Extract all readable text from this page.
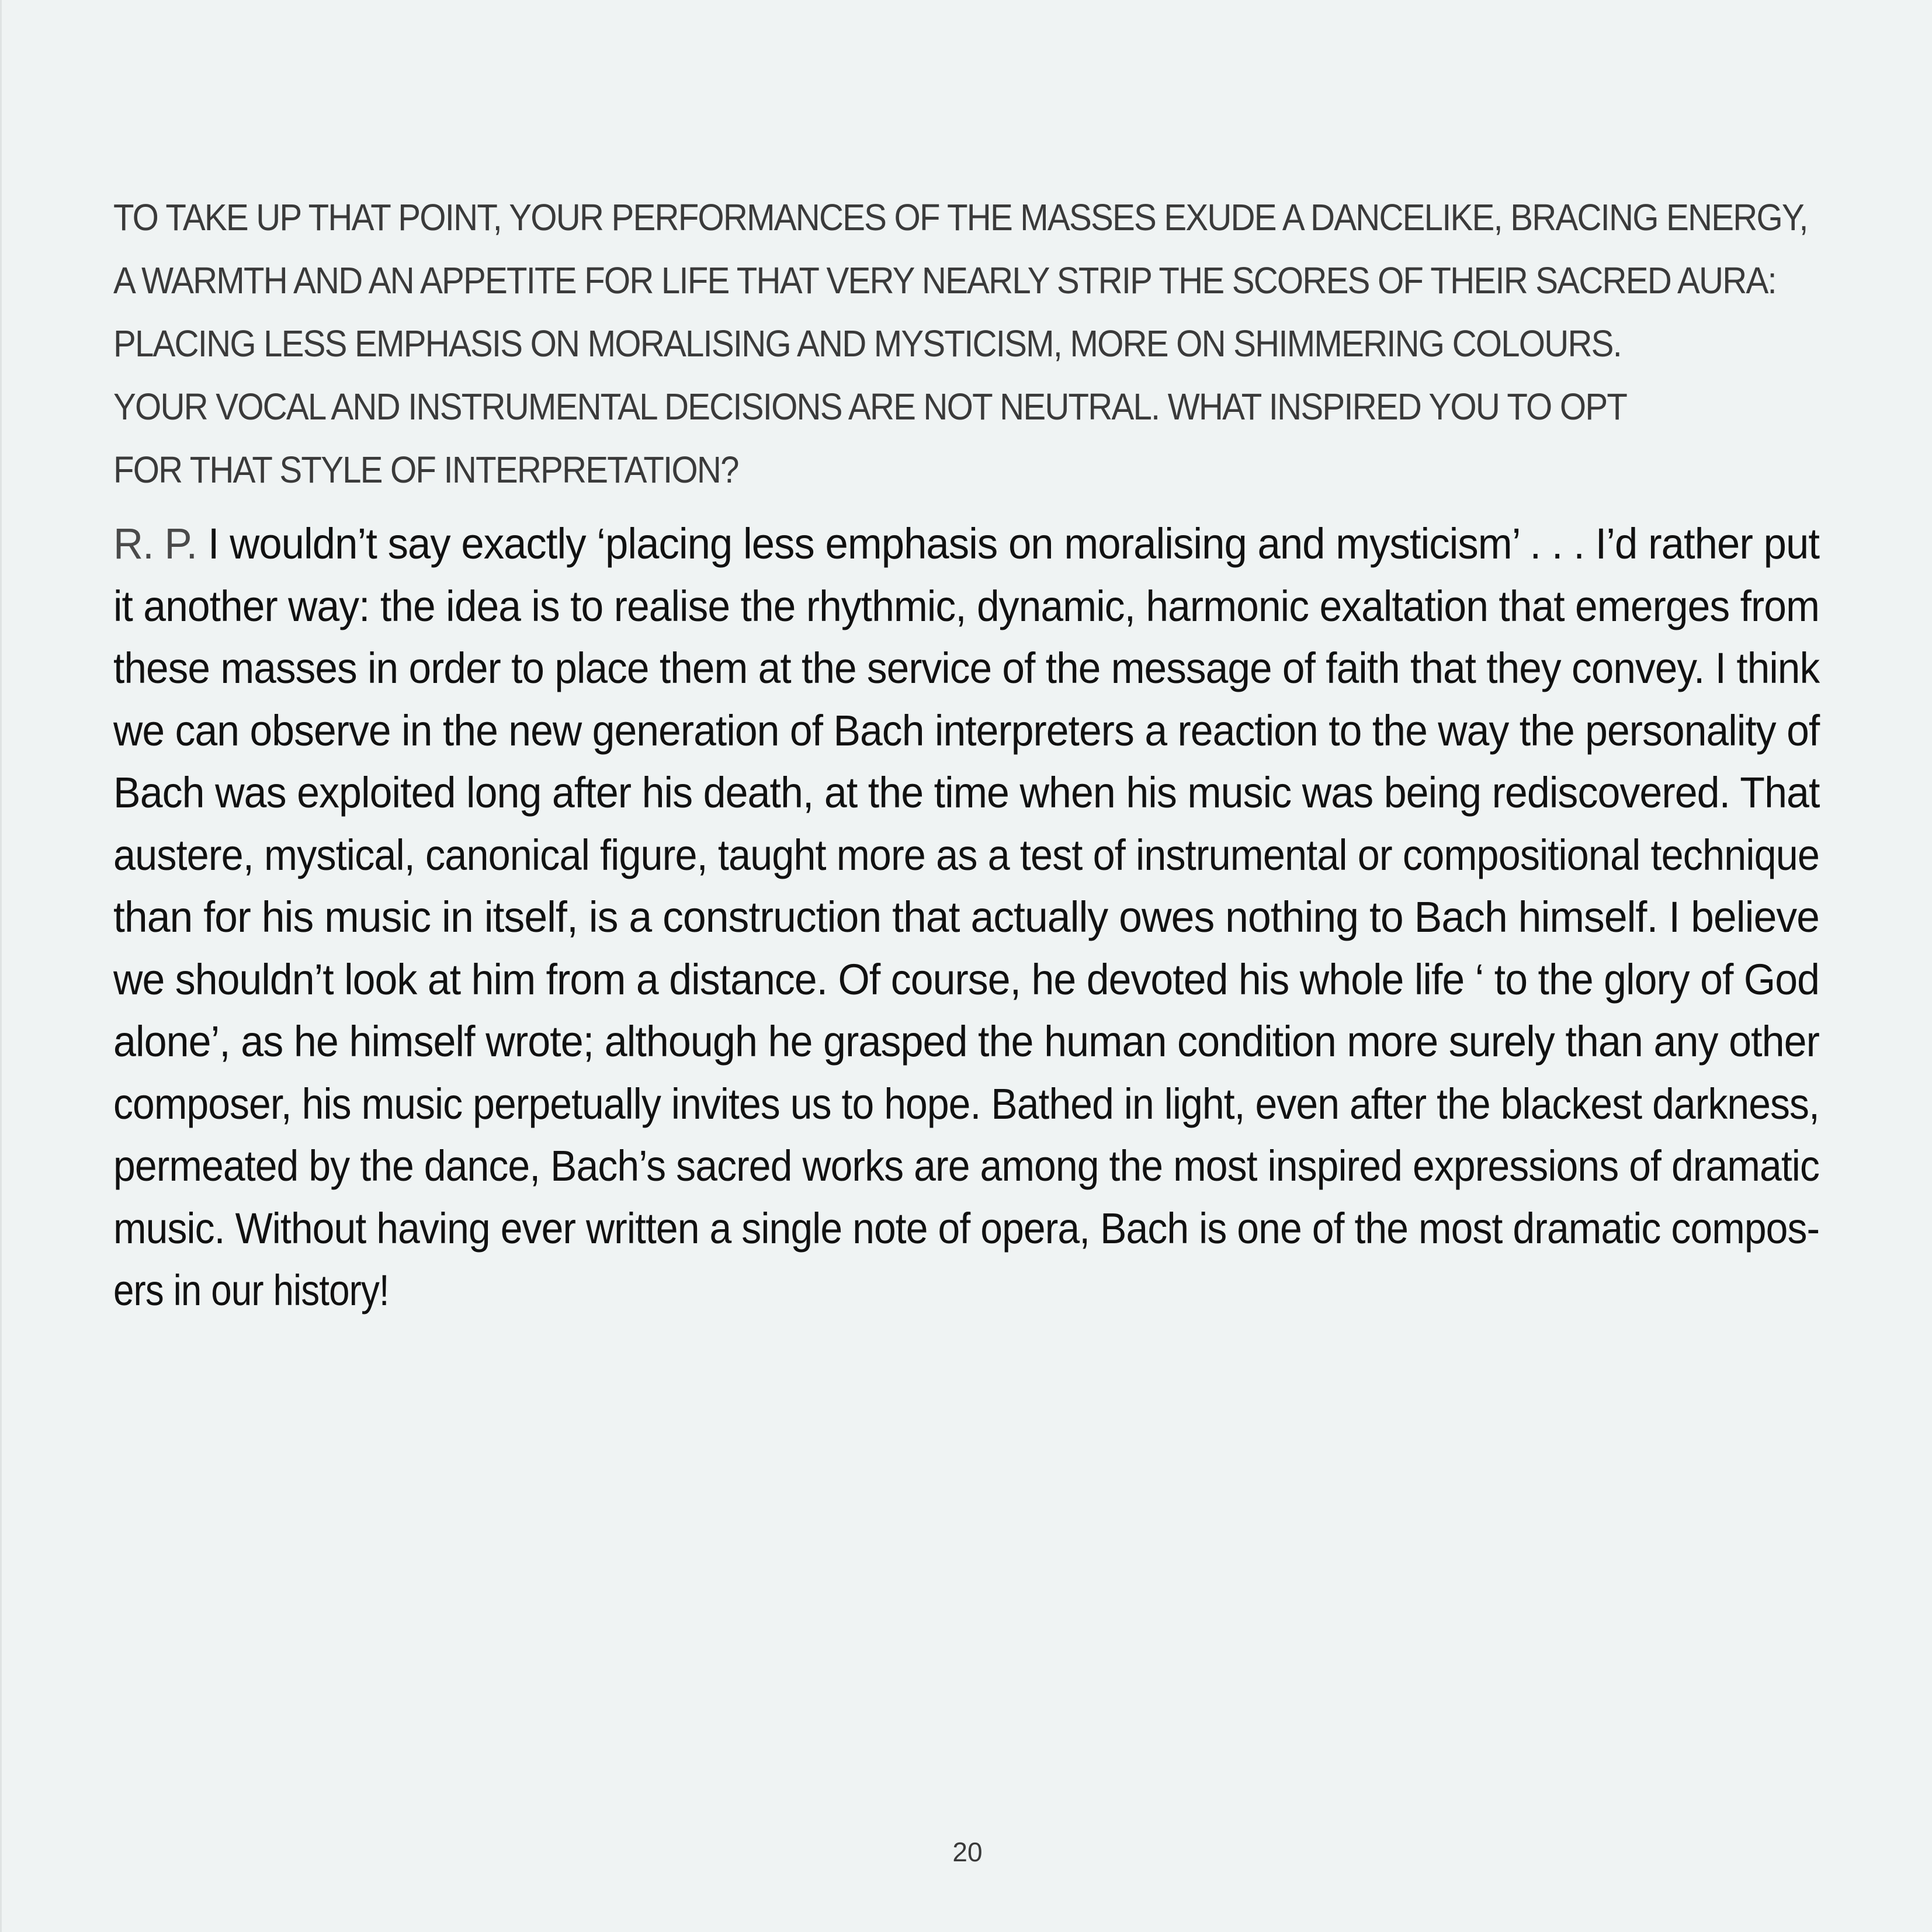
TO TAKE UP THAT POINT, YOUR PERFORMANCES OF THE MASSES EXUDE A DANCELIKE, BRACING ENERGY,
A WARMTH AND AN APPETITE FOR LIFE THAT VERY NEARLY STRIP THE SCORES OF THEIR SACRED AURA:
PLACING LESS EMPHASIS ON MORALISING AND MYSTICISM, MORE ON SHIMMERING COLOURS.
YOUR VOCAL AND INSTRUMENTAL DECISIONS ARE NOT NEUTRAL. WHAT INSPIRED YOU TO OPT
FOR THAT STYLE OF INTERPRETATION?
R. P. I wouldn’t say exactly ‘placing less emphasis on moralising and mysticism’ . . . I’d rather put
it another way: the idea is to realise the rhythmic, dynamic, harmonic exaltation that emerges from
these masses in order to place them at the service of the message of faith that they convey. I think
we can observe in the new generation of Bach interpreters a reaction to the way the personality of
Bach was exploited long after his death, at the time when his music was being rediscovered. That
austere, mystical, canonical figure, taught more as a test of instrumental or compositional technique
than for his music in itself, is a construction that actually owes nothing to Bach himself. I believe
we shouldn’t look at him from a distance. Of course, he devoted his whole life ‘ to the glory of God
alone’, as he himself wrote; although he grasped the human condition more surely than any other
composer, his music perpetually invites us to hope. Bathed in light, even after the blackest darkness,
permeated by the dance, Bach’s sacred works are among the most inspired expressions of dramatic
music. Without having ever written a single note of opera, Bach is one of the most dramatic compos-
ers in our history!
20
